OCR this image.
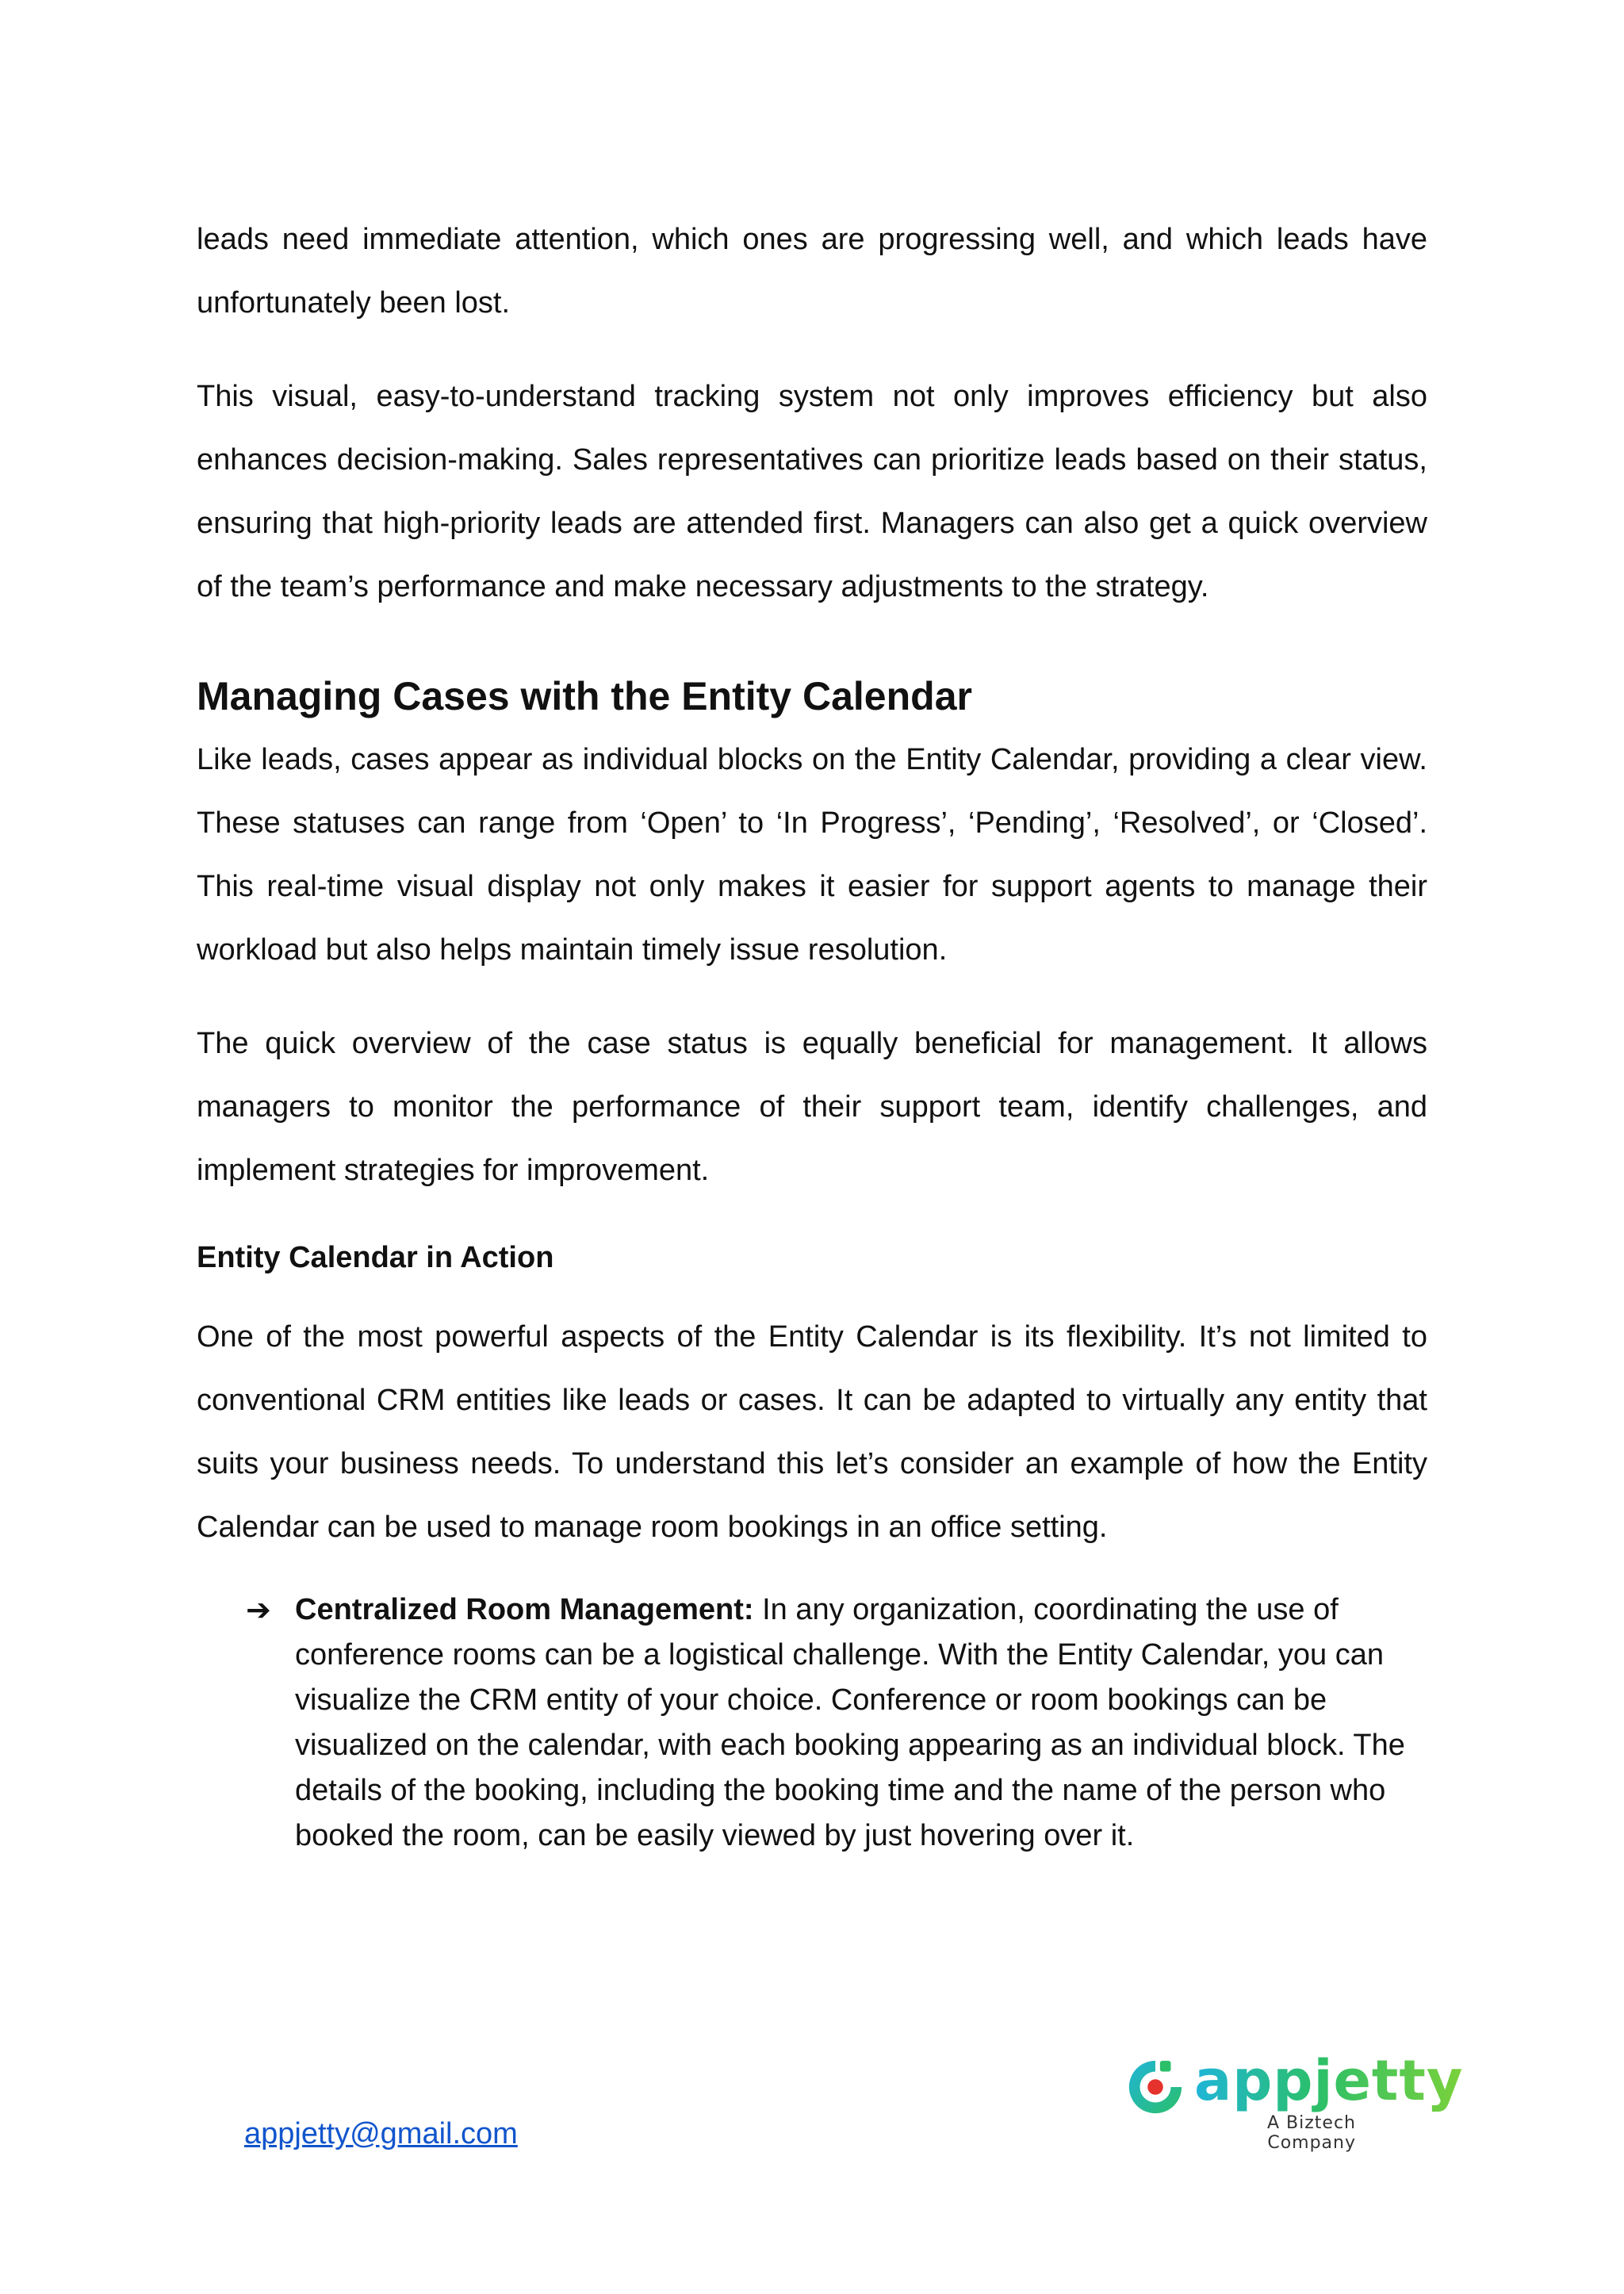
leads need immediate attention, which ones are progressing well, and which leads have unfortunately been lost.

This visual, easy-to-understand tracking system not only improves efficiency but also enhances decision-making. Sales representatives can prioritize leads based on their status, ensuring that high-priority leads are attended first. Managers can also get a quick overview of the team’s performance and make necessary adjustments to the strategy.

Managing Cases with the Entity Calendar

Like leads, cases appear as individual blocks on the Entity Calendar, providing a clear view. These statuses can range from ‘Open’ to ‘In Progress’, ‘Pending’, ‘Resolved’, or ‘Closed’. This real-time visual display not only makes it easier for support agents to manage their workload but also helps maintain timely issue resolution.

The quick overview of the case status is equally beneficial for management. It allows managers to monitor the performance of their support team, identify challenges, and implement strategies for improvement.

Entity Calendar in Action

One of the most powerful aspects of the Entity Calendar is its flexibility. It’s not limited to conventional CRM entities like leads or cases. It can be adapted to virtually any entity that suits your business needs. To understand this let’s consider an example of how the Entity Calendar can be used to manage room bookings in an office setting.

➔ Centralized Room Management: In any organization, coordinating the use of conference rooms can be a logistical challenge. With the Entity Calendar, you can visualize the CRM entity of your choice. Conference or room bookings can be visualized on the calendar, with each booking appearing as an individual block. The details of the booking, including the booking time and the name of the person who booked the room, can be easily viewed by just hovering over it.
appjetty@gmail.com
appjetty
A Biztech Company
